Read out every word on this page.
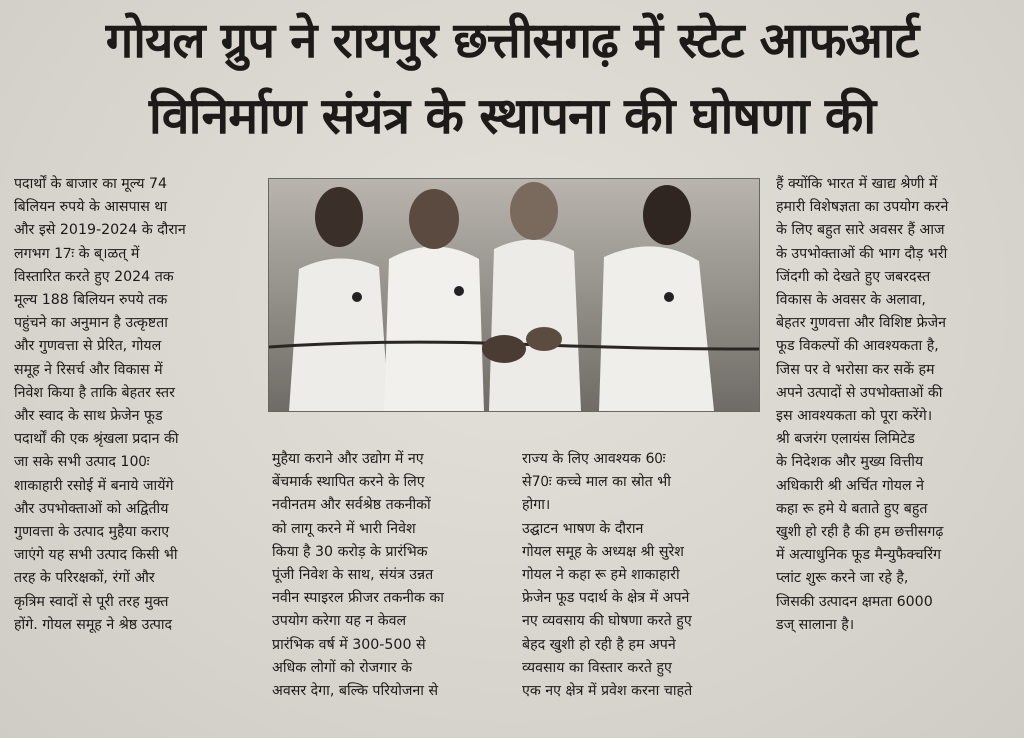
गोयल ग्रुप ने रायपुर छत्तीसगढ़ में स्टेट आफआर्ट
विनिर्माण संयंत्र के स्थापना की घोषणा की
पदार्थों के बाजार का मूल्य 74
बिलियन रुपये के आसपास था
और इसे 2019-2024 के दौरान
लगभग 17ः के ब्।ळत् में
विस्तारित करते हुए 2024 तक
मूल्य 188 बिलियन रुपये तक
पहुंचने का अनुमान है उत्कृष्टता
और गुणवत्ता से प्रेरित, गोयल
समूह ने रिसर्च और विकास में
निवेश किया है ताकि बेहतर स्तर
और स्वाद के साथ फ्रेजेन फूड
पदार्थों की एक श्रृंखला प्रदान की
जा सके सभी उत्पाद 100ः
शाकाहारी रसोई में बनाये जायेंगे
और उपभोक्ताओं को अद्वितीय
गुणवत्ता के उत्पाद मुहैया कराए
जाएंगे यह सभी उत्पाद किसी भी
तरह के परिरक्षकों, रंगों और
कृत्रिम स्वादों से पूरी तरह मुक्त
होंगे. गोयल समूह ने श्रेष्ठ उत्पाद
मुहैया कराने और उद्योग में नए
बेंचमार्क स्थापित करने के लिए
नवीनतम और सर्वश्रेष्ठ तकनीकों
को लागू करने में भारी निवेश
किया है 30 करोड़ के प्रारंभिक
पूंजी निवेश के साथ, संयंत्र उन्नत
नवीन स्पाइरल फ्रीजर तकनीक का
उपयोग करेगा यह न केवल
प्रारंभिक वर्ष में 300-500 से
अधिक लोगों को रोजगार के
अवसर देगा, बल्कि परियोजना से
राज्य के लिए आवश्यक 60ः
से70ः कच्चे माल का स्रोत भी
होगा।
उद्घाटन भाषण के दौरान
गोयल समूह के अध्यक्ष श्री सुरेश
गोयल ने कहा रू हमे शाकाहारी
फ्रेजेन फूड पदार्थ के क्षेत्र में अपने
नए व्यवसाय की घोषणा करते हुए
बेहद खुशी हो रही है हम अपने
व्यवसाय का विस्तार करते हुए
एक नए क्षेत्र में प्रवेश करना चाहते
हैं क्योंकि भारत में खाद्य श्रेणी में
हमारी विशेषज्ञता का उपयोग करने
के लिए बहुत सारे अवसर हैं आज
के उपभोक्ताओं की भाग दौड़ भरी
जिंदगी को देखते हुए जबरदस्त
विकास के अवसर के अलावा,
बेहतर गुणवत्ता और विशिष्ट फ्रेजेन
फूड विकल्पों की आवश्यकता है,
जिस पर वे भरोसा कर सकें हम
अपने उत्पादों से उपभोक्ताओं की
इस आवश्यकता को पूरा करेंगे।
श्री बजरंग एलायंस लिमिटेड
के निदेशक और मुख्य वित्तीय
अधिकारी श्री अर्चित गोयल ने
कहा रू हमे ये बताते हुए बहुत
खुशी हो रही है की हम छत्तीसगढ़
में अत्याधुनिक फूड मैन्युफैक्चरिंग
प्लांट शुरू करने जा रहे है,
जिसकी उत्पादन क्षमता 6000
डज् सालाना है।
